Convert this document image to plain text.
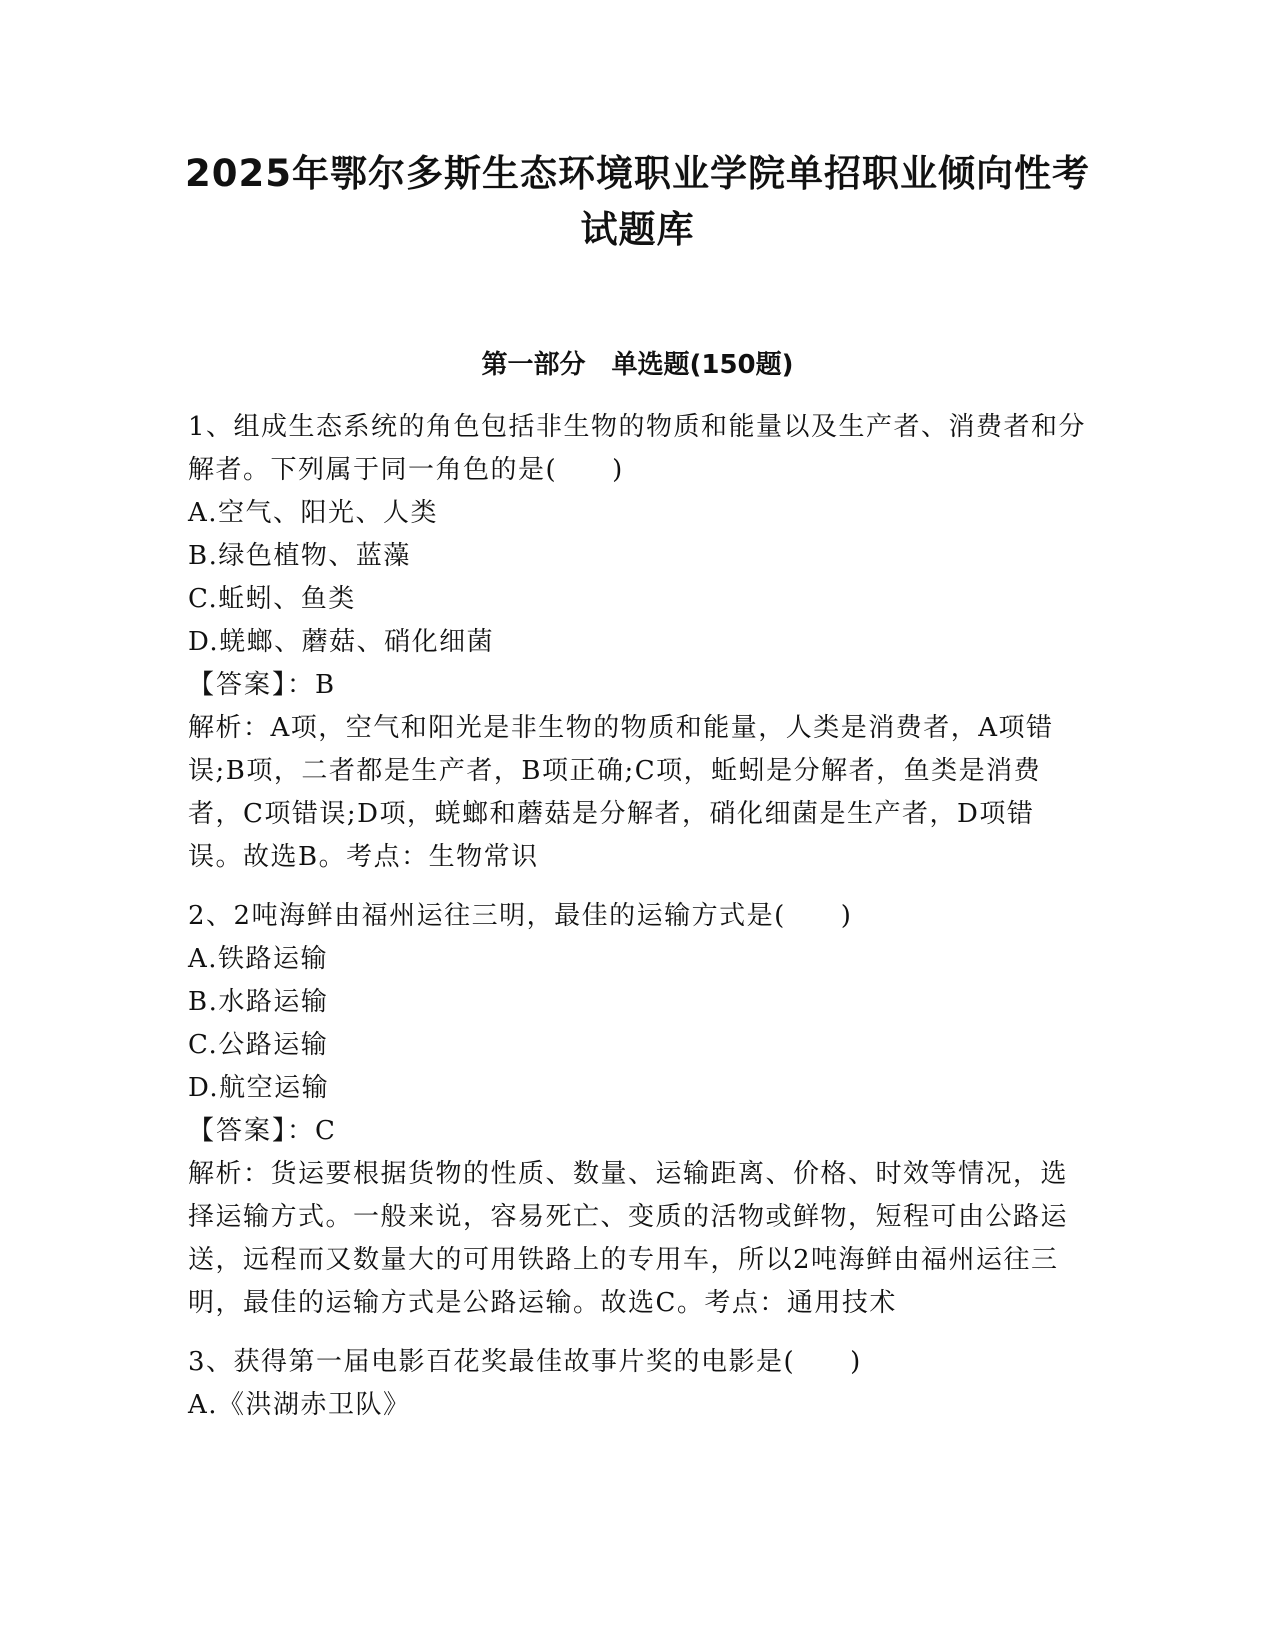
2025年鄂尔多斯生态环境职业学院单招职业倾向性考
试题库
第一部分　单选题(150题)

1、组成生态系统的角色包括非生物的物质和能量以及生产者、消费者和分解者。下列属于同一角色的是(　　)

A.空气、阳光、人类

B.绿色植物、蓝藻

C.蚯蚓、鱼类

D.蜣螂、蘑菇、硝化细菌

【答案】：B

解析：A项，空气和阳光是非生物的物质和能量，人类是消费者，A项错误;B项，二者都是生产者，B项正确;C项，蚯蚓是分解者，鱼类是消费者，C项错误;D项，蜣螂和蘑菇是分解者，硝化细菌是生产者，D项错误。故选B。考点：生物常识

2、2吨海鲜由福州运往三明，最佳的运输方式是(　　)

A.铁路运输

B.水路运输

C.公路运输

D.航空运输

【答案】：C

解析：货运要根据货物的性质、数量、运输距离、价格、时效等情况，选择运输方式。一般来说，容易死亡、变质的活物或鲜物，短程可由公路运送，远程而又数量大的可用铁路上的专用车，所以2吨海鲜由福州运往三明，最佳的运输方式是公路运输。故选C。考点：通用技术

3、获得第一届电影百花奖最佳故事片奖的电影是(　　)

A.《洪湖赤卫队》
